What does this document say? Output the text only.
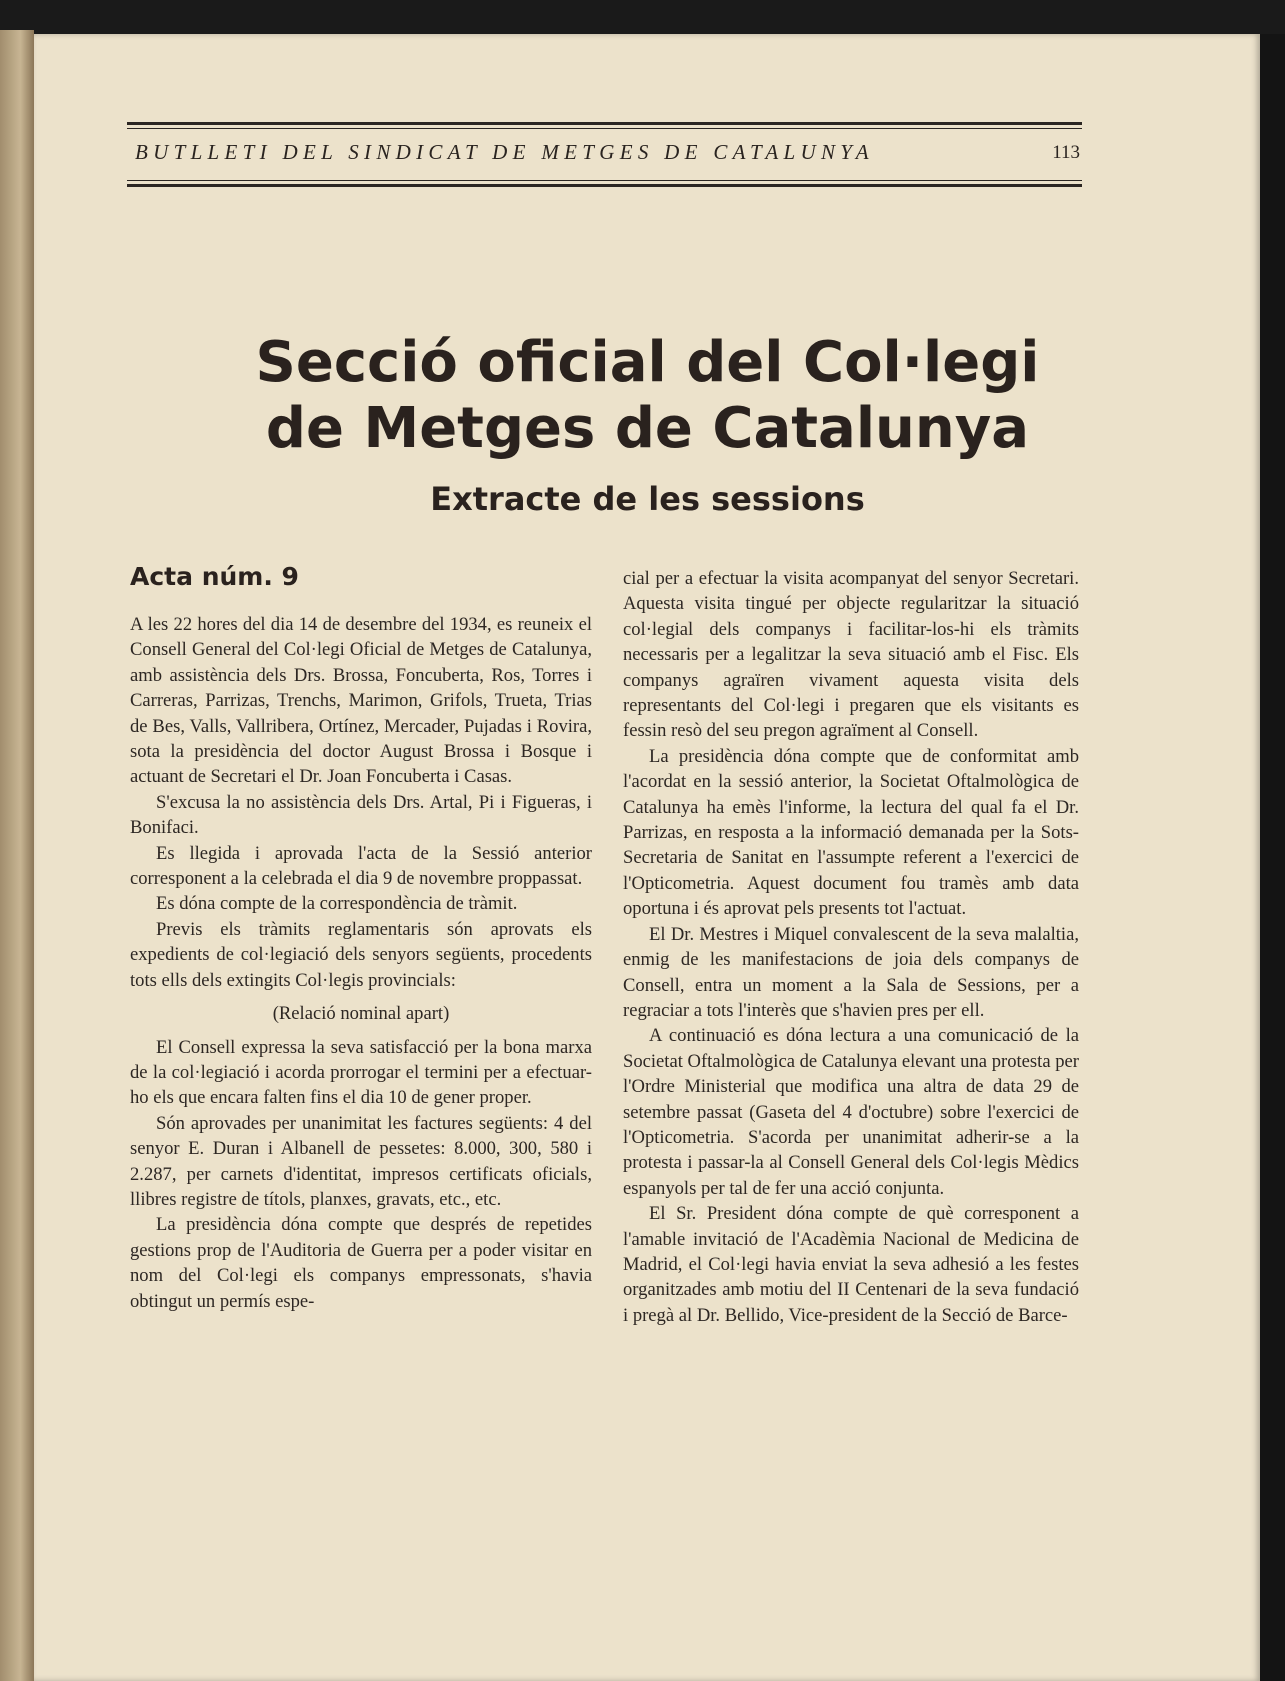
BUTLLETI DEL SINDICAT DE METGES DE CATALUNYA	113
Secció oficial del Col·legi
de Metges de Catalunya
Extracte de les sessions
Acta núm. 9

A les 22 hores del dia 14 de desembre del 1934, es reuneix el Consell General del Col·legi Oficial de Metges de Catalunya, amb assistència dels Drs. Brossa, Foncuberta, Ros, Torres i Carreras, Parrizas, Trenchs, Marimon, Grifols, Trueta, Trias de Bes, Valls, Vallribera, Ortínez, Mercader, Pujadas i Rovira, sota la presidència del doctor August Brossa i Bosque i actuant de Secretari el Dr. Joan Foncuberta i Casas.

S'excusa la no assistència dels Drs. Artal, Pi i Figueras, i Bonifaci.

Es llegida i aprovada l'acta de la Sessió anterior corresponent a la celebrada el dia 9 de novembre proppassat.

Es dóna compte de la correspondència de tràmit.

Previs els tràmits reglamentaris són aprovats els expedients de col·legiació dels senyors següents, procedents tots ells dels extingits Col·legis provincials:

(Relació nominal apart)

El Consell expressa la seva satisfacció per la bona marxa de la col·legiació i acorda prorrogar el termini per a efectuar-ho els que encara falten fins el dia 10 de gener proper.

Són aprovades per unanimitat les factures següents: 4 del senyor E. Duran i Albanell de pessetes: 8.000, 300, 580 i 2.287, per carnets d'identitat, impresos certificats oficials, llibres registre de títols, planxes, gravats, etc., etc.

La presidència dóna compte que després de repetides gestions prop de l'Auditoria de Guerra per a poder visitar en nom del Col·legi els companys empressonats, s'havia obtingut un permís espe-

cial per a efectuar la visita acompanyat del senyor Secretari. Aquesta visita tingué per objecte regularitzar la situació col·legial dels companys i facilitar-los-hi els tràmits necessaris per a legalitzar la seva situació amb el Fisc. Els companys agraïren vivament aquesta visita dels representants del Col·legi i pregaren que els visitants es fessin resò del seu pregon agraïment al Consell.

La presidència dóna compte que de conformitat amb l'acordat en la sessió anterior, la Societat Oftalmològica de Catalunya ha emès l'informe, la lectura del qual fa el Dr. Parrizas, en resposta a la informació demanada per la Sots-Secretaria de Sanitat en l'assumpte referent a l'exercici de l'Opticometria. Aquest document fou tramès amb data oportuna i és aprovat pels presents tot l'actuat.

El Dr. Mestres i Miquel convalescent de la seva malaltia, enmig de les manifestacions de joia dels companys de Consell, entra un moment a la Sala de Sessions, per a regraciar a tots l'interès que s'havien pres per ell.

A continuació es dóna lectura a una comunicació de la Societat Oftalmològica de Catalunya elevant una protesta per l'Ordre Ministerial que modifica una altra de data 29 de setembre passat (Gaseta del 4 d'octubre) sobre l'exercici de l'Opticometria. S'acorda per unanimitat adherir-se a la protesta i passar-la al Consell General dels Col·legis Mèdics espanyols per tal de fer una acció conjunta.

El Sr. President dóna compte de què corresponent a l'amable invitació de l'Acadèmia Nacional de Medicina de Madrid, el Col·legi havia enviat la seva adhesió a les festes organitzades amb motiu del II Centenari de la seva fundació i pregà al Dr. Bellido, Vice-president de la Secció de Barce-
